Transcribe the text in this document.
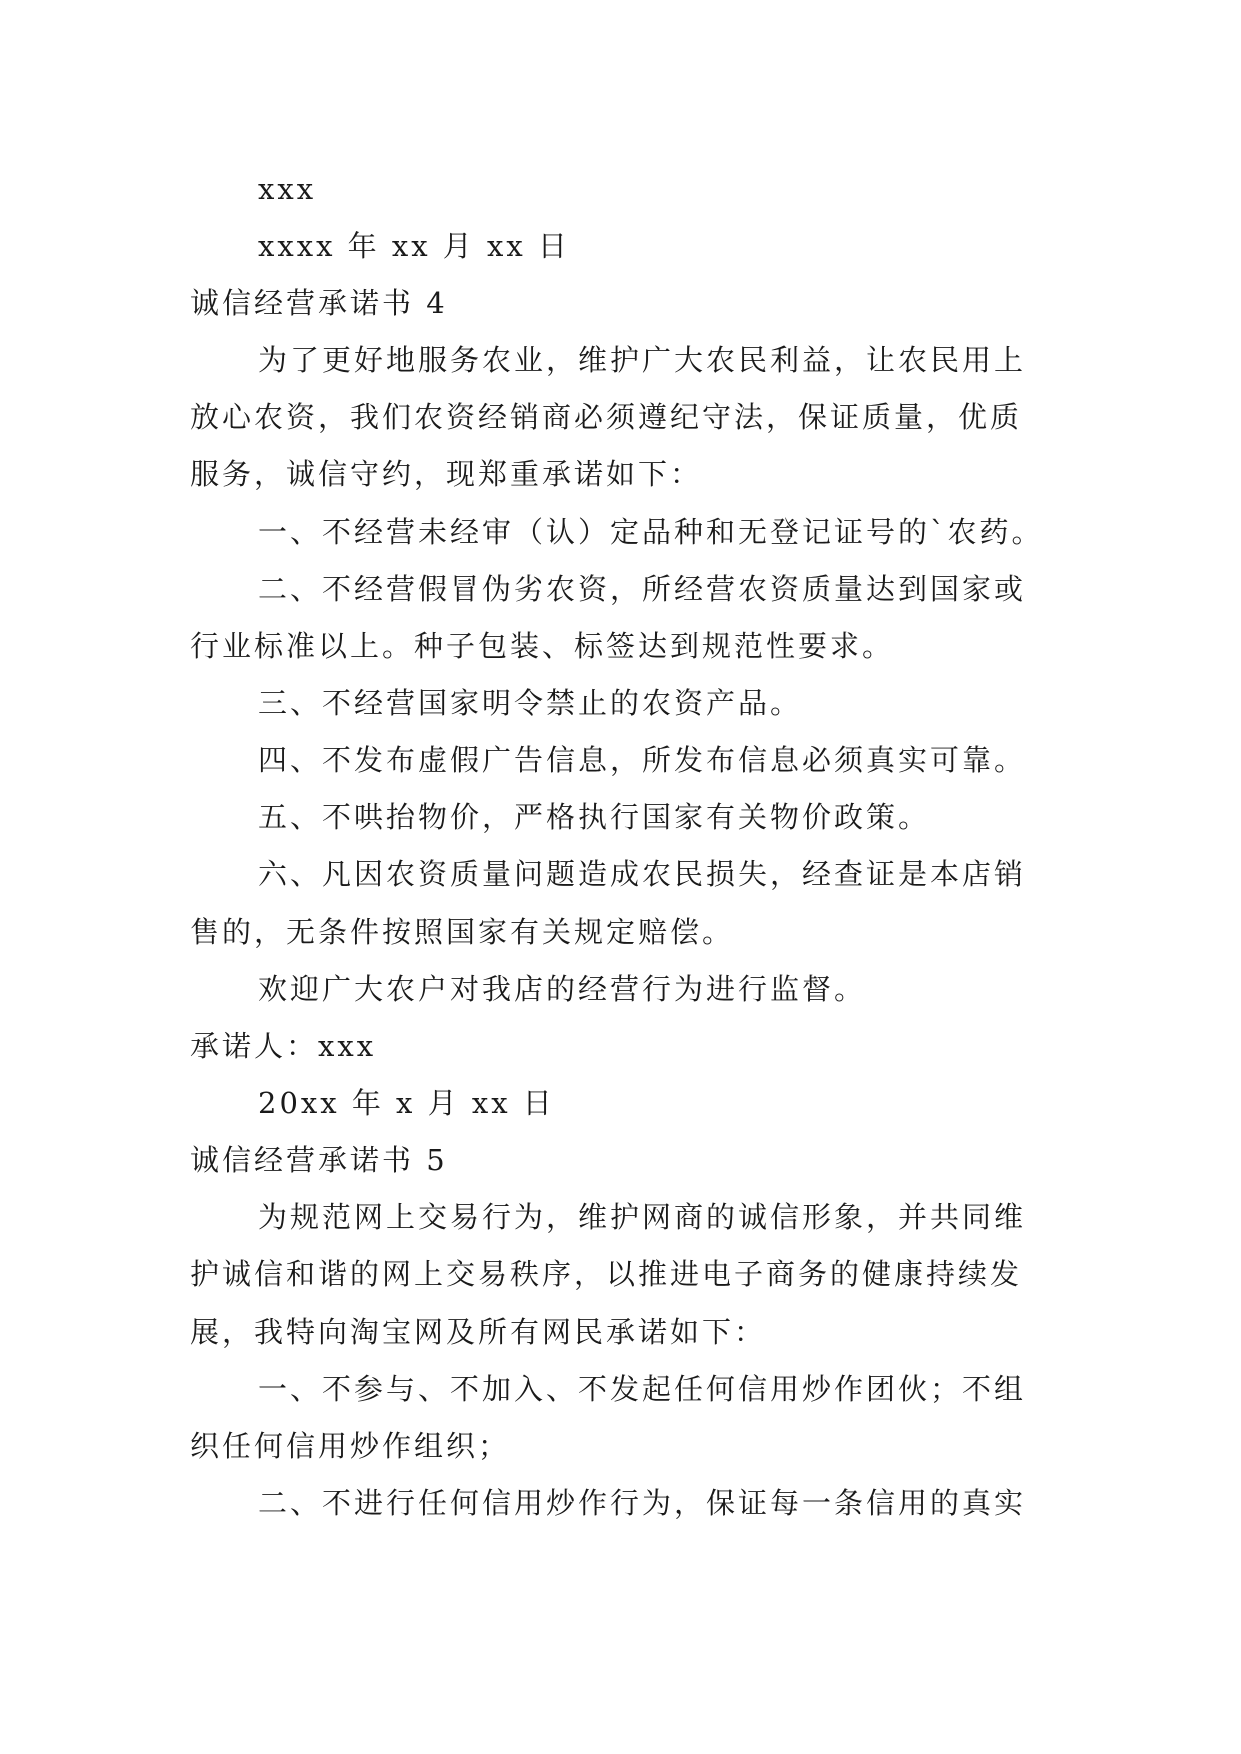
xxx
xxxx 年 xx 月 xx 日
诚信经营承诺书 4
为了更好地服务农业，维护广大农民利益，让农民用上
放心农资，我们农资经销商必须遵纪守法，保证质量，优质
服务，诚信守约，现郑重承诺如下：
一、不经营未经审（认）定品种和无登记证号的`农药。
二、不经营假冒伪劣农资，所经营农资质量达到国家或
行业标准以上。种子包装、标签达到规范性要求。
三、不经营国家明令禁止的农资产品。
四、不发布虚假广告信息，所发布信息必须真实可靠。
五、不哄抬物价，严格执行国家有关物价政策。
六、凡因农资质量问题造成农民损失，经查证是本店销
售的，无条件按照国家有关规定赔偿。
欢迎广大农户对我店的经营行为进行监督。
承诺人：xxx
20xx 年 x 月 xx 日
诚信经营承诺书 5
为规范网上交易行为，维护网商的诚信形象，并共同维
护诚信和谐的网上交易秩序，以推进电子商务的健康持续发
展，我特向淘宝网及所有网民承诺如下：
一、不参与、不加入、不发起任何信用炒作团伙；不组
织任何信用炒作组织；
二、不进行任何信用炒作行为，保证每一条信用的真实
